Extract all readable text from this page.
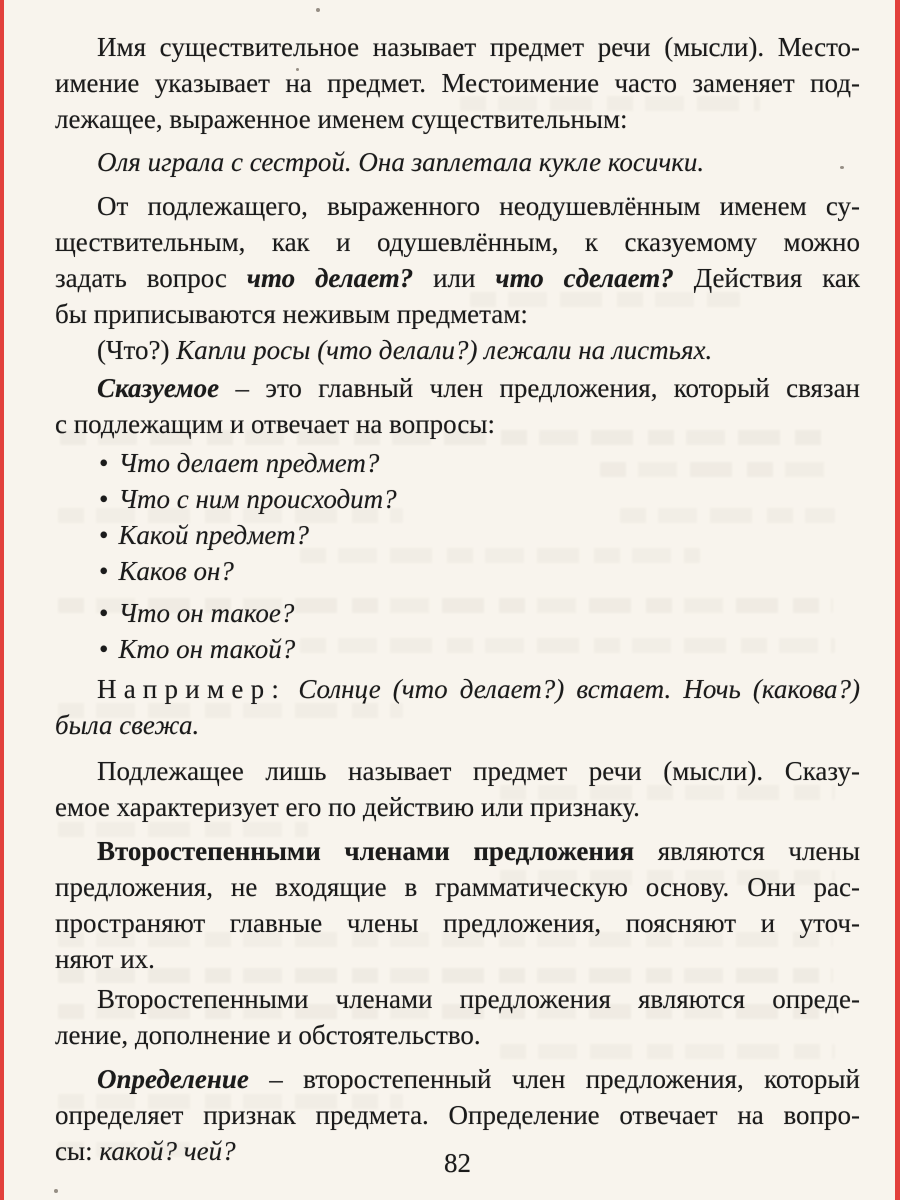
Имя существительное называет предмет речи (мысли). Место-
имение указывает на предмет. Местоимение часто заменяет под-
лежащее, выраженное именем существительным:
Оля играла с сестрой. Она заплетала кукле косички.
От подлежащего, выраженного неодушевлённым именем су-
ществительным, как и одушевлённым, к сказуемому можно
задать вопрос что делает? или что сделает? Действия как
бы приписываются неживым предметам:
(Что?) Капли росы (что делали?) лежали на листьях.
Сказуемое – это главный член предложения, который связан
с подлежащим и отвечает на вопросы:
• Что делает предмет?
• Что с ним происходит?
• Какой предмет?
• Каков он?
• Что он такое?
• Кто он такой?
Например: Солнце (что делает?) встает. Ночь (какова?)
была свежа.
Подлежащее лишь называет предмет речи (мысли). Сказу-
емое характеризует его по действию или признаку.
Второстепенными членами предложения являются члены
предложения, не входящие в грамматическую основу. Они рас-
пространяют главные члены предложения, поясняют и уточ-
няют их.
Второстепенными членами предложения являются опреде-
ление, дополнение и обстоятельство.
Определение – второстепенный член предложения, который
определяет признак предмета. Определение отвечает на вопро-
сы: какой? чей?	82
